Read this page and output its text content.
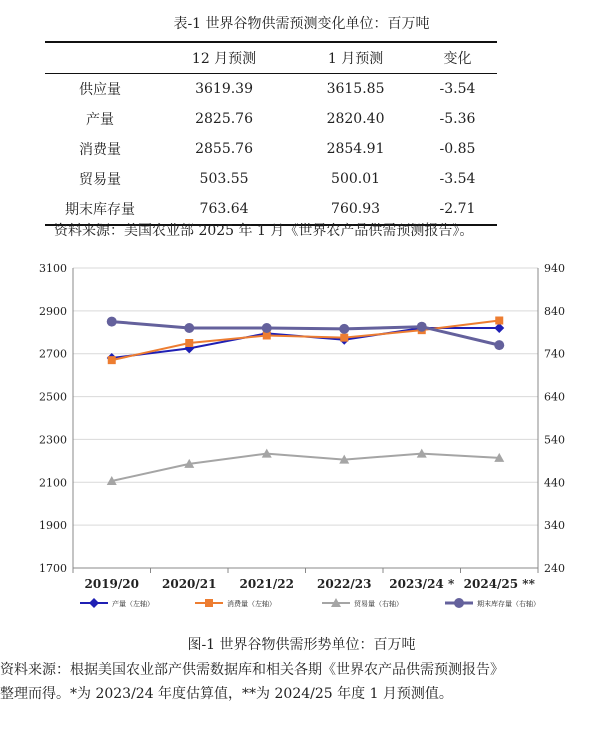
表-1 世界谷物供需预测变化单位：百万吨
	12 月预测	1 月预测	变化
供应量	3619.39	3615.85	-3.54
产量	2825.76	2820.40	-5.36
消费量	2855.76	2854.91	-0.85
贸易量	503.55	500.01	-3.54
期末库存量	763.64	760.93	-2.71
资料来源：美国农业部 2025 年 1 月《世界农产品供需预测报告》。
1700
1900
2100
2300
2500
2700
2900
3100
240
340
440
540
640
740
840
940
2019/20 2020/21 2021/22 2022/23 2023/24 * 2024/25 **
产量（左轴）	消费量（左轴）	贸易量（右轴）	期末库存量（右轴）
图-1 世界谷物供需形势单位：百万吨
资料来源：根据美国农业部产供需数据库和相关各期《世界农产品供需预测报告》
整理而得。*为 2023/24 年度估算值，**为 2024/25 年度 1 月预测值。
